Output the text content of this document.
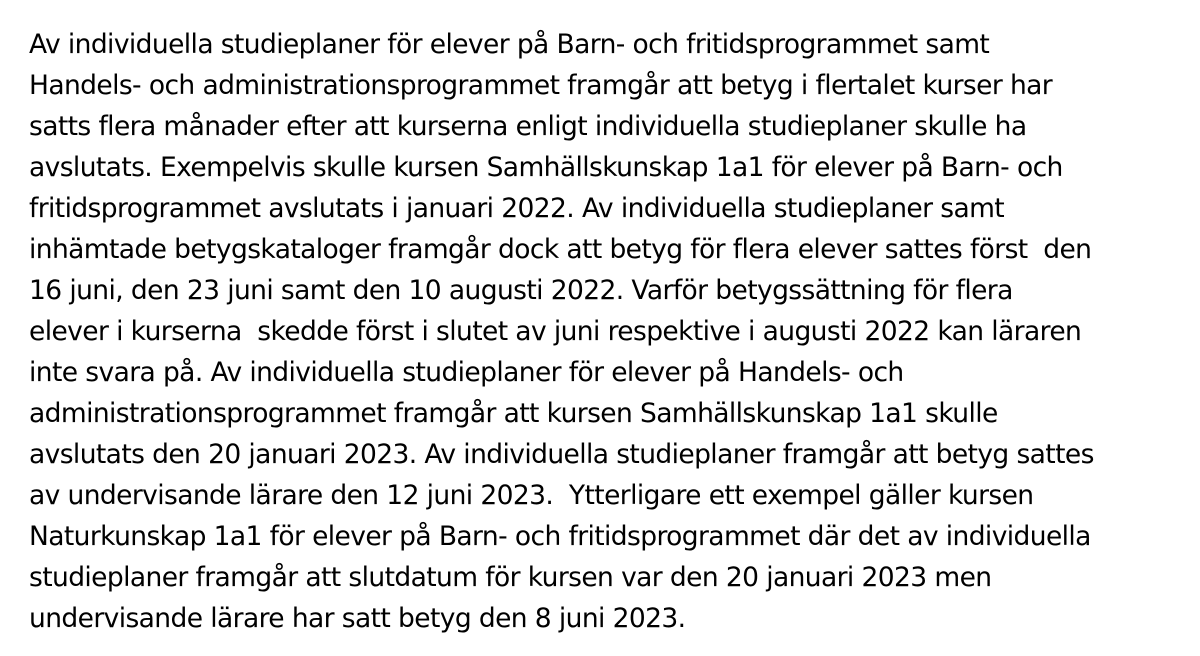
Av individuella studieplaner för elever på Barn- och fritidsprogrammet samt
Handels- och administrationsprogrammet framgår att betyg i flertalet kurser har
satts flera månader efter att kurserna enligt individuella studieplaner skulle ha
avslutats. Exempelvis skulle kursen Samhällskunskap 1a1 för elever på Barn- och
fritidsprogrammet avslutats i januari 2022. Av individuella studieplaner samt
inhämtade betygskataloger framgår dock att betyg för flera elever sattes först  den
16 juni, den 23 juni samt den 10 augusti 2022. Varför betygssättning för flera
elever i kurserna  skedde först i slutet av juni respektive i augusti 2022 kan läraren
inte svara på. Av individuella studieplaner för elever på Handels- och
administrationsprogrammet framgår att kursen Samhällskunskap 1a1 skulle
avslutats den 20 januari 2023. Av individuella studieplaner framgår att betyg sattes
av undervisande lärare den 12 juni 2023.  Ytterligare ett exempel gäller kursen
Naturkunskap 1a1 för elever på Barn- och fritidsprogrammet där det av individuella
studieplaner framgår att slutdatum för kursen var den 20 januari 2023 men
undervisande lärare har satt betyg den 8 juni 2023.
